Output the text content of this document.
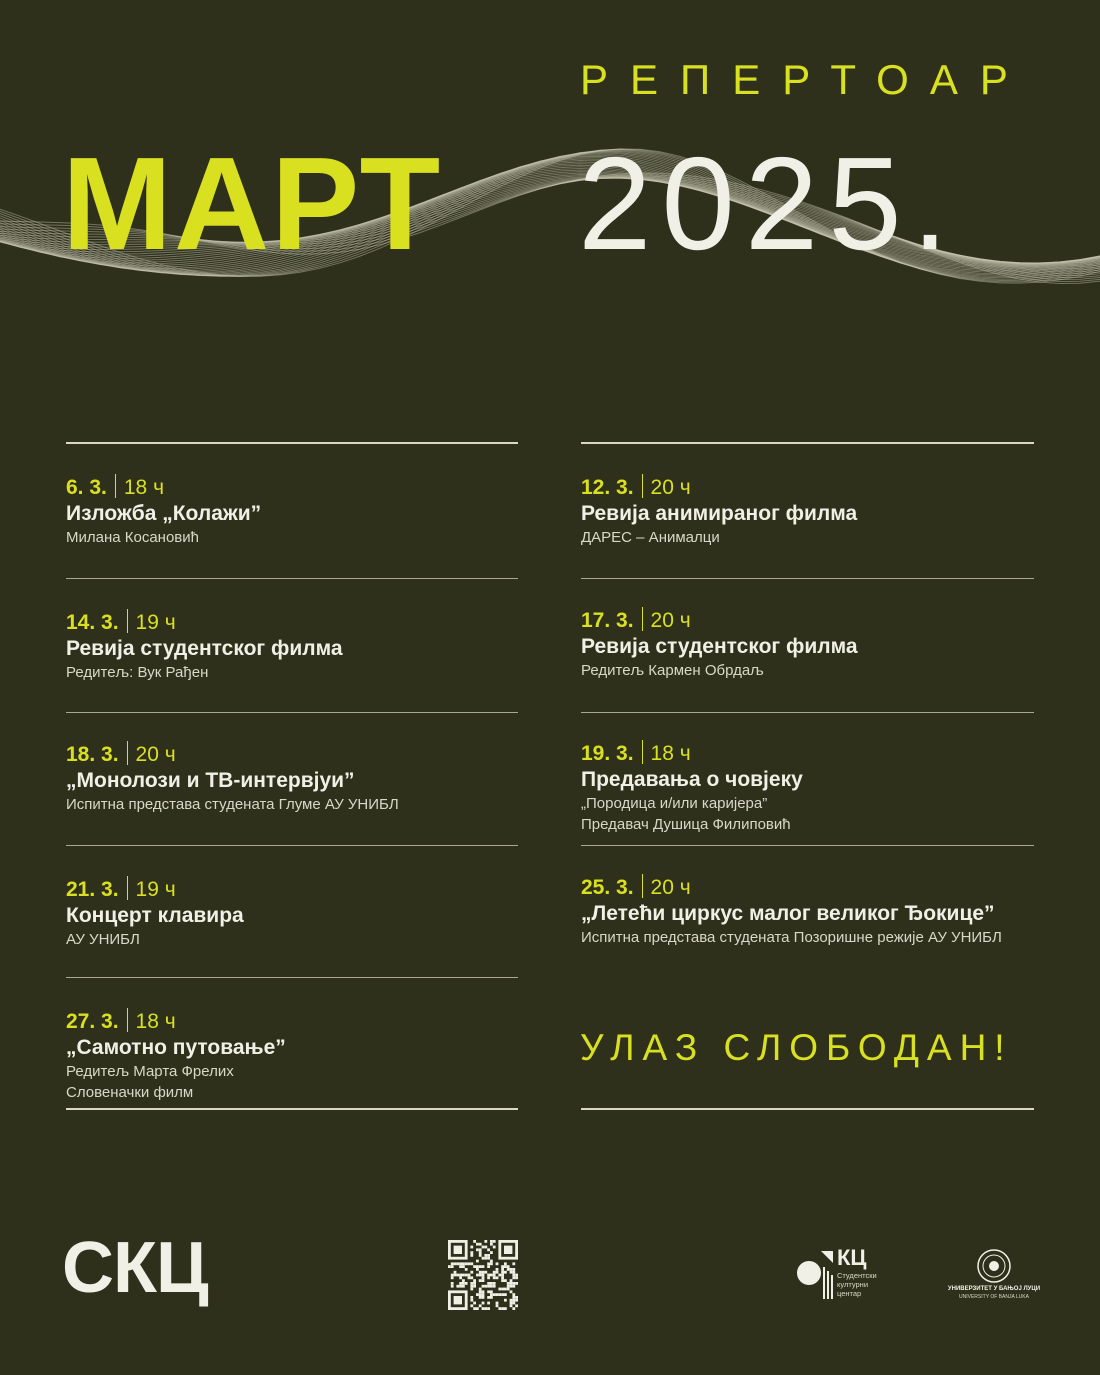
РЕПЕРТОАР
МАРТ 2025.
6. 3. 18 ч
Изложба „Колажи”
Милана Косановић
14. 3. 19 ч
Ревија студентског филма
Редитељ: Вук Рађен
18. 3. 20 ч
„Монолози и ТВ-интервјуи”
Испитна представа студената Глуме АУ УНИБЛ
21. 3. 19 ч
Концерт клавира
АУ УНИБЛ
27. 3. 18 ч
„Самотно путовање”
Редитељ Марта Фрелих
Словеначки филм
12. 3. 20 ч
Ревија анимираног филма
ДАРЕС – Анималци
17. 3. 20 ч
Ревија студентског филма
Редитељ Кармен Обрдаљ
19. 3. 18 ч
Предавања о човјеку
„Породица и/или каријера”
Предавач Душица Филиповић
25. 3. 20 ч
„Летећи циркус малог великог Ђокице”
Испитна представа студената Позоришне режије АУ УНИБЛ
УЛАЗ СЛОБОДАН!
СКЦ	КЦ
Студентски
културни
центар	УНИВЕРЗИТЕТ У БАЊОЈ ЛУЦИ
UNIVERSITY OF BANJA LUKA
